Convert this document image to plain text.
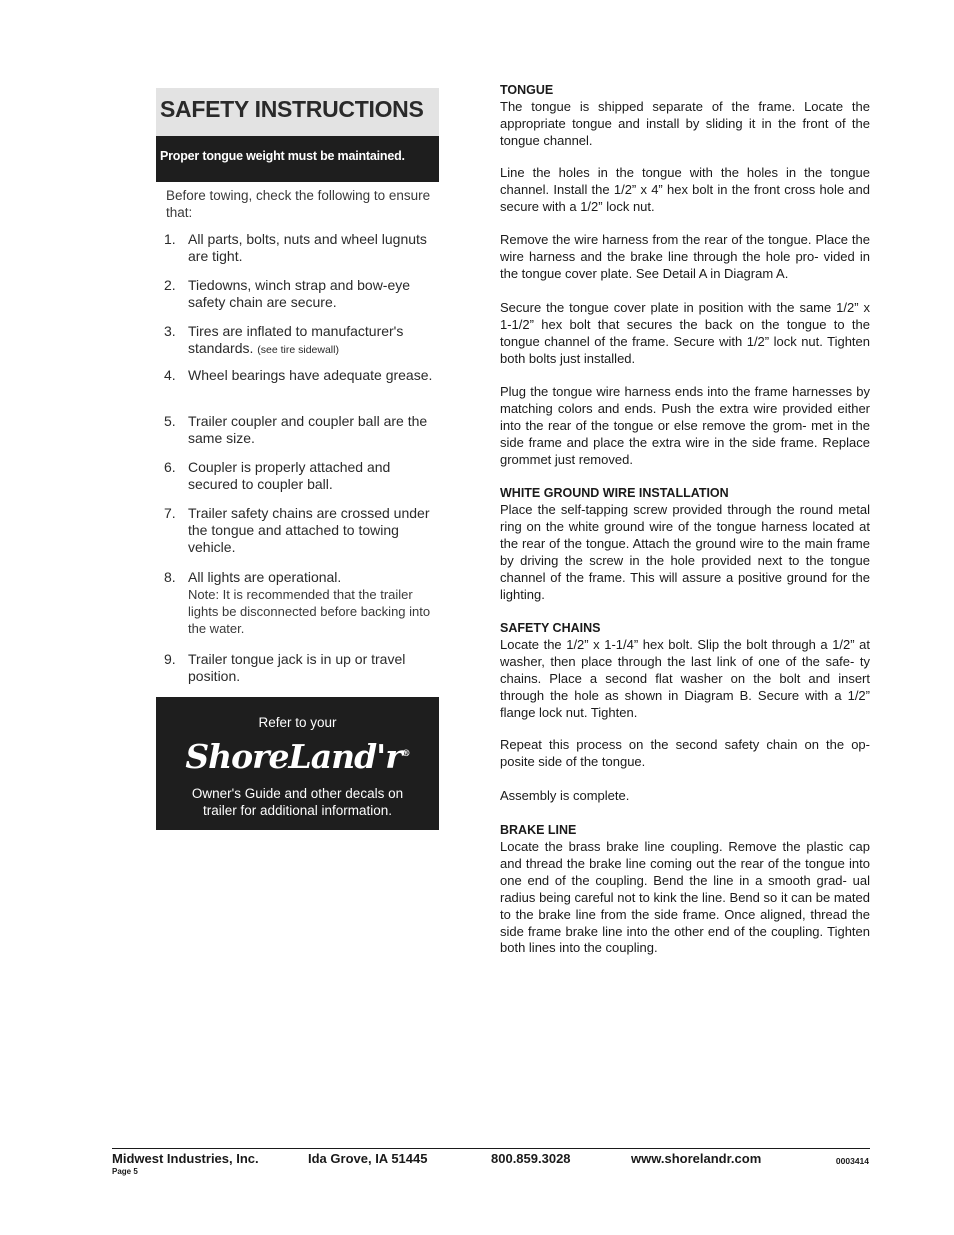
SAFETY INSTRUCTIONS
Proper tongue weight must be maintained.
Before towing, check the following to ensure that:
1. All parts, bolts, nuts and wheel lugnuts are tight.
2. Tiedowns, winch strap and bow-eye safety chain are secure.
3. Tires are inflated to manufacturer's standards. (see tire sidewall)
4. Wheel bearings have adequate grease.
5. Trailer coupler and coupler ball are the same size.
6. Coupler is properly attached and secured to coupler ball.
7. Trailer safety chains are crossed under the tongue and attached to towing vehicle.
8. All lights are operational.
Note: It is recommended that the trailer lights be disconnected before backing into the water.
9. Trailer tongue jack is in up or travel position.
Refer to your
ShoreLand'r®
Owner's Guide and other decals on trailer for additional information.
TONGUE

The tongue is shipped separate of the frame. Locate the appropriate tongue and install by sliding it in the front of the tongue channel.

Line the holes in the tongue with the holes in the tongue channel. Install the 1/2” x 4” hex bolt in the front cross hole and secure with a 1/2” lock nut.

Remove the wire harness from the rear of the tongue. Place the wire harness and the brake line through the hole pro- vided in the tongue cover plate. See Detail A in Diagram A.

Secure the tongue cover plate in position with the same 1/2” x 1-1/2” hex bolt that secures the back on the tongue to the tongue channel of the frame. Secure with 1/2” lock nut. Tighten both bolts just installed.

Plug the tongue wire harness ends into the frame harnesses by matching colors and ends. Push the extra wire provided either into the rear of the tongue or else remove the grom- met in the side frame and place the extra wire in the side frame. Replace grommet just removed.

WHITE GROUND WIRE INSTALLATION

Place the self-tapping screw provided through the round metal ring on the white ground wire of the tongue harness located at the rear of the tongue. Attach the ground wire to the main frame by driving the screw in the hole provided next to the tongue channel of the frame. This will assure a positive ground for the lighting.

SAFETY CHAINS

Locate the 1/2” x 1-1/4” hex bolt. Slip the bolt through a 1/2” at washer, then place through the last link of one of the safe- ty chains. Place a second flat washer on the bolt and insert through the hole as shown in Diagram B. Secure with a 1/2” flange lock nut. Tighten.

Repeat this process on the second safety chain on the op- posite side of the tongue.

Assembly is complete.

BRAKE LINE

Locate the brass brake line coupling. Remove the plastic cap and thread the brake line coming out the rear of the tongue into one end of the coupling. Bend the line in a smooth grad- ual radius being careful not to kink the line. Bend so it can be mated to the brake line from the side frame. Once aligned, thread the side frame brake line into the other end of the coupling. Tighten both lines into the coupling.

Midwest Industries, Inc.	Ida Grove, IA 51445	800.859.3028	www.shorelandr.com	0003414
Page 5
